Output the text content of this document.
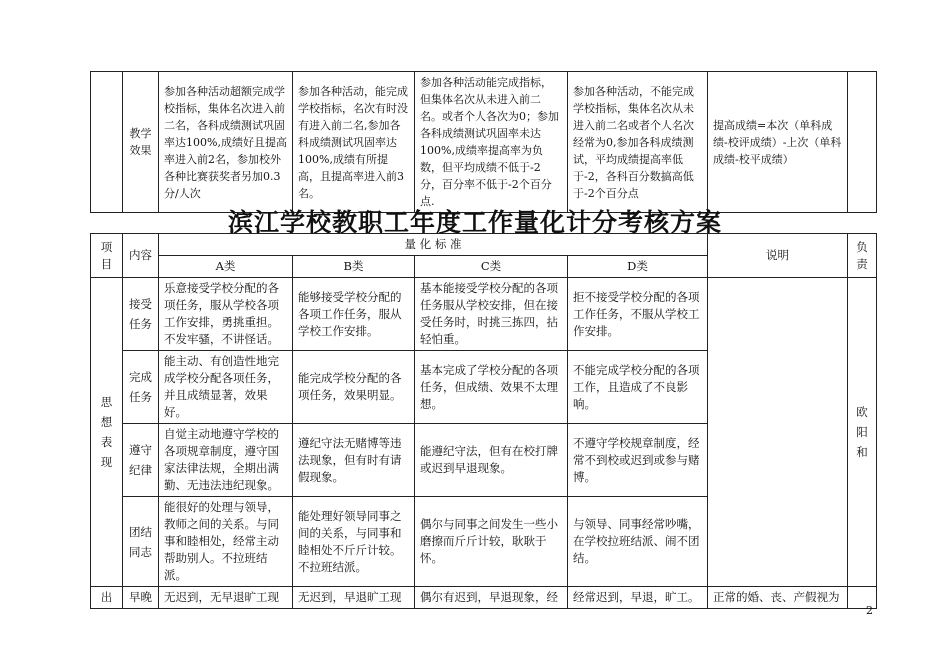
	教学效果	参加各种活动超额完成学校指标，集体名次进入前二名，各科成绩测试巩固率达100%,成绩好且提高率进入前2名，参加校外各种比赛获奖者另加0.3分/人次	参加各种活动，能完成学校指标，名次有时没有进入前二名,参加各科成绩测试巩固率达100%,成绩有所提高，且提高率进入前3名。	参加各种活动能完成指标，但集体名次从未进入前二名。或者个人各次为0；参加各科成绩测试巩固率未达100%,成绩率提高率为负数，但平均成绩不低于-2分，百分率不低于-2个百分点.	参加各种活动，不能完成学校指标，集体名次从未进入前二名或者个人名次经常为0,参加各科成绩测试，平均成绩提高率低于-2，各科百分数搞高低于-2个百分点	提高成绩=本次（单科成绩-校评成绩）-上次（单科成绩-校平成绩）	
滨江学校教职工年度工作量化计分考核方案
项目	内容	量 化 标 准				说明	负责
		A类	B类	C类	D类		
思想表现	接受任务	乐意接受学校分配的各项任务，服从学校各项工作安排，勇挑重担。不发牢骚，不讲怪话。	能够接受学校分配的各项工作任务，服从学校工作安排。	基本能接受学校分配的各项任务服从学校安排，但在接受任务时，时挑三拣四，拈轻怕重。	拒不接受学校分配的各项工作任务，不服从学校工作安排。		欧阳和
	完成任务	能主动、有创造性地完成学校分配各项任务，并且成绩显著，效果好。	能完成学校分配的各项任务，效果明显。	基本完成了学校分配的各项任务，但成绩、效果不太理想。	不能完成学校分配的各项工作，且造成了不良影响。		
	遵守纪律	自觉主动地遵守学校的各项规章制度，遵守国家法律法规，全期出满勤、无违法违纪现象。	遵纪守法无赌博等违法现象，但有时有请假现象。	能遵纪守法，但有在校打牌或迟到早退现象。	不遵守学校规章制度，经常不到校或迟到或参与赌博。		
	团结同志	能很好的处理与领导，教师之间的关系。与同事和睦相处，经常主动帮助别人。不拉班结派。	能处理好领导同事之间的关系，与同事和睦相处不斤斤计较。不拉班结派。	偶尔与同事之间发生一些小磨擦而斤斤计较，耿耿于怀。	与领导、同事经常吵嘴，在学校拉班结派、闹不团结。		
出	早晚	无迟到，无早退旷工现	无迟到，早退旷工现	偶尔有迟到，早退现象，经	经常迟到，早退，旷工。	正常的婚、丧、产假视为	
2
